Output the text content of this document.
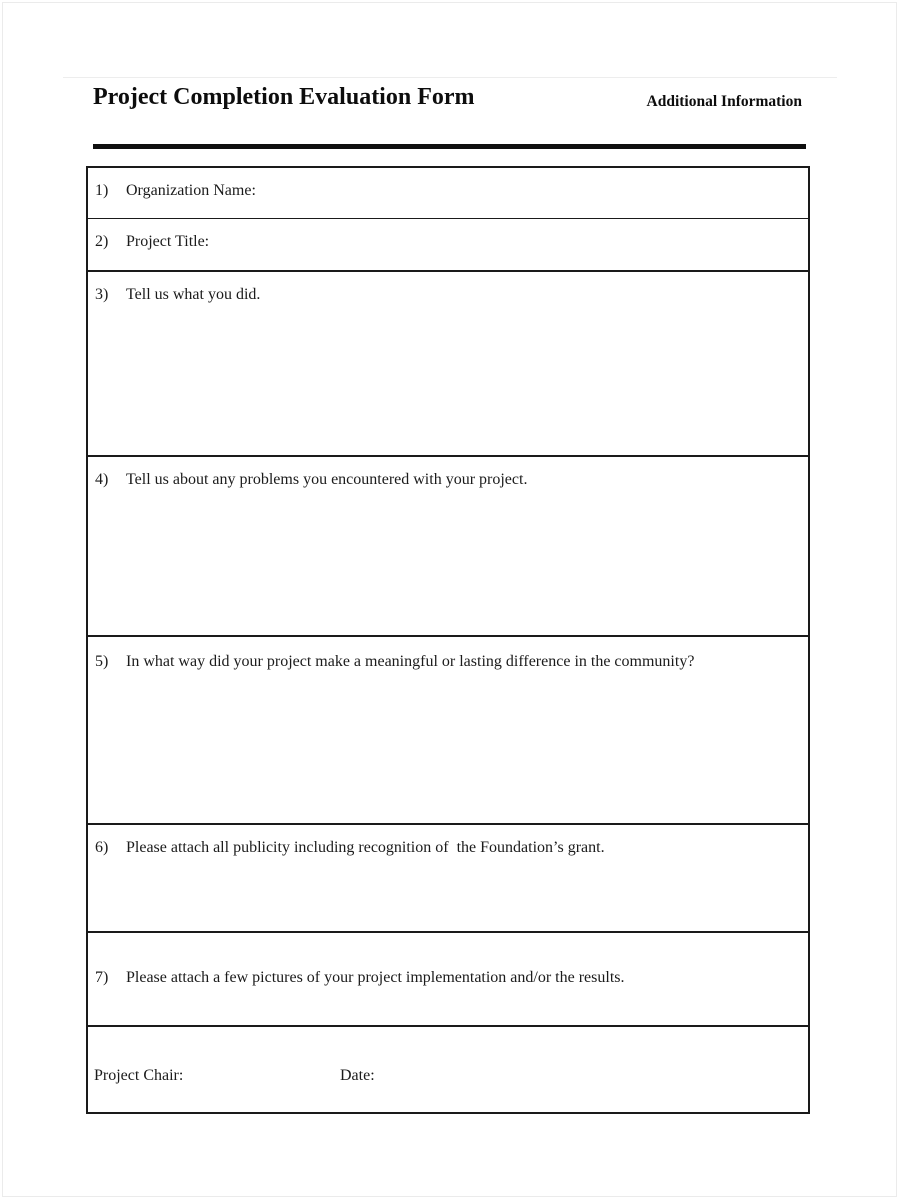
Project Completion Evaluation Form	Additional Information
1)	Organization Name:
2)	Project Title:
3)	Tell us what you did.
4)	Tell us about any problems you encountered with your project.
5)	In what way did your project make a meaningful or lasting difference in the community?
6)	Please attach all publicity including recognition of  the Foundation’s grant.
7)	Please attach a few pictures of your project implementation and/or the results.
Project Chair:	Date:
